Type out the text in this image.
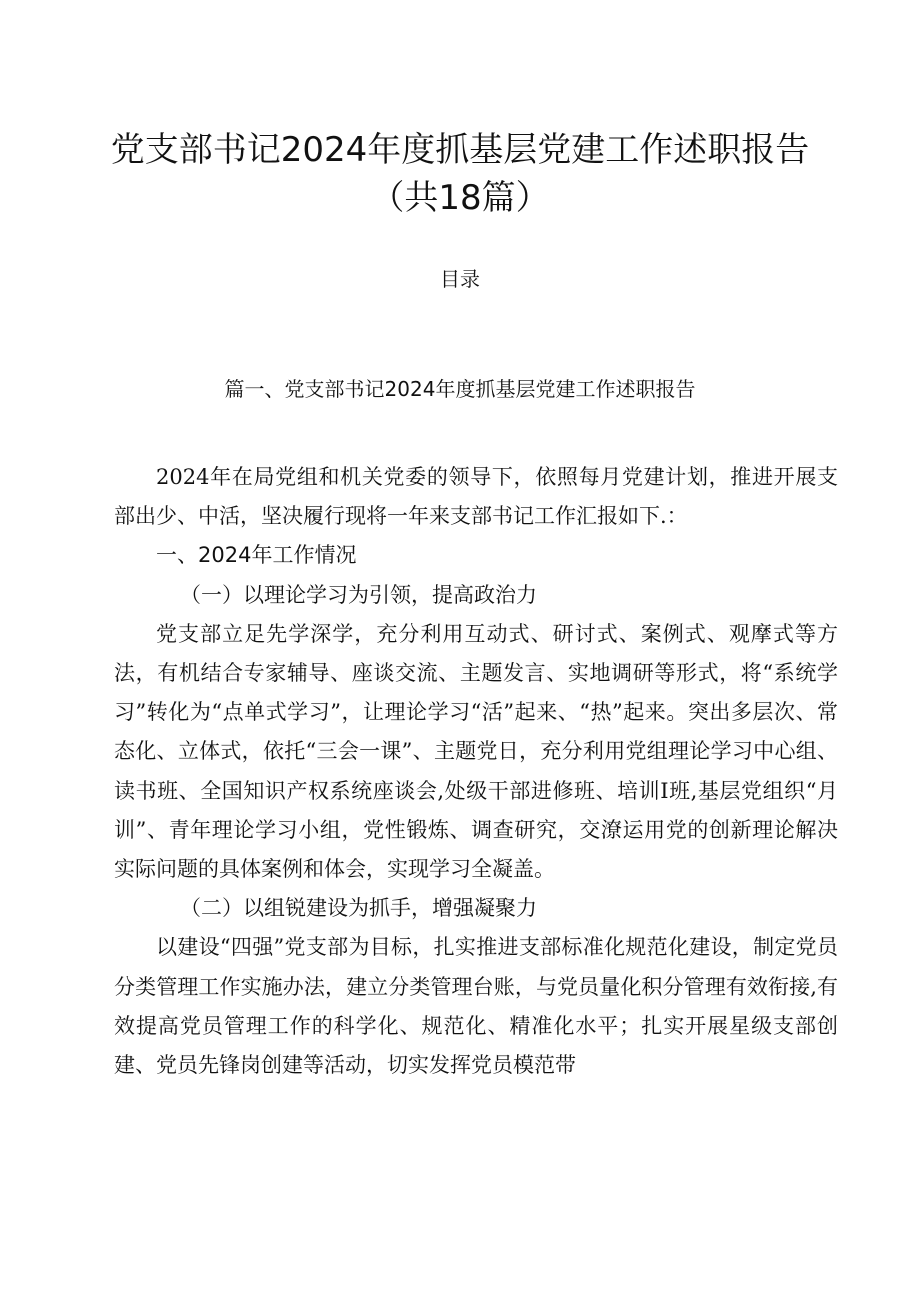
党支部书记2024年度抓基层党建工作述职报告
（共18篇）
目录

篇一、党支部书记2024年度抓基层党建工作述职报告

2024年在局党组和机关党委的领导下，依照每月党建计划，推进开展支部出少、中活，坚决履行现将一年来支部书记工作汇报如下.：

一、2024年工作情况

（一）以理论学习为引领，提高政治力

党支部立足先学深学，充分利用互动式、研讨式、案例式、观摩式等方法，有机结合专家辅导、座谈交流、主题发言、实地调研等形式，将“系统学习”转化为“点单式学习”，让理论学习“活”起来、“热”起来。突出多层次、常态化、立体式，依托“三会一课”、主题党日，充分利用党组理论学习中心组、读书班、全国知识产权系统座谈会,处级干部进修班、培训I班,基层党组织“月训”、青年理论学习小组，党性锻炼、调查研究，交潦运用党的创新理论解决实际问题的具体案例和体会，实现学习全凝盖。

（二）以组锐建设为抓手，增强凝聚力

以建设“四强”党支部为目标，扎实推进支部标准化规范化建设，制定党员分类管理工作实施办法，建立分类管理台账，与党员量化积分管理有效衔接,有效提高党员管理工作的科学化、规范化、精准化水平；扎实开展星级支部创建、党员先锋岗创建等活动，切实发挥党员模范带
